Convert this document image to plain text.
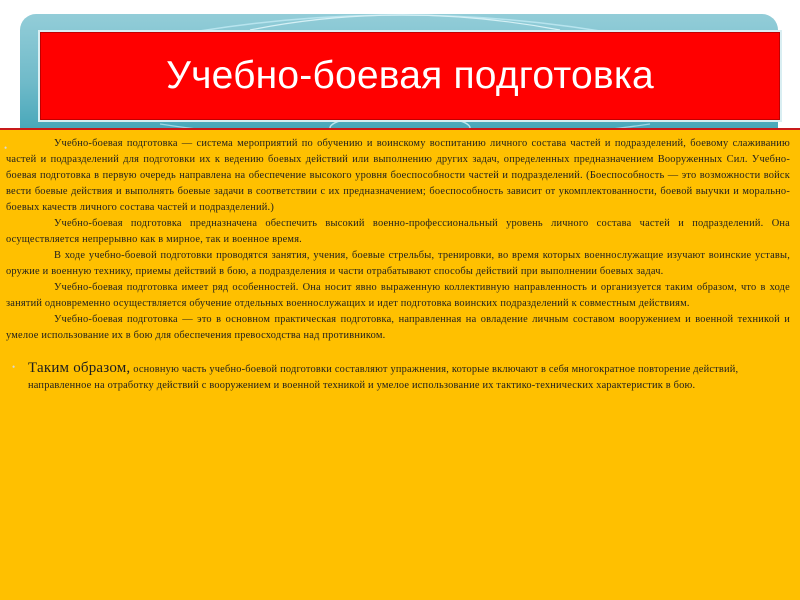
Учебно-боевая подготовка
•	Учебно-боевая подготовка — система мероприятий по обучению и воинскому воспитанию личного состава частей и подразделений, боевому слаживанию частей и подразделений для подготовки их к ведению боевых действий или выполнению других задач, определенных предназначением Вооруженных Сил. Учебно-боевая подготовка в первую очередь направлена на обеспечение высокого уровня боеспособности частей и подразделений. (Боеспособность — это возможности войск вести боевые действия и выполнять боевые задачи в соответствии с их предназначением; боеспособность зависит от укомплектованности, боевой выучки и морально-боевых качеств личного состава частей и подразделений.)

Учебно-боевая подготовка предназначена обеспечить высокий военно-профессиональный уровень личного состава частей и подразделений. Она осуществляется непрерывно как в мирное, так и военное время.

В ходе учебно-боевой подготовки проводятся занятия, учения, боевые стрельбы, тренировки, во время которых военнослужащие изучают воинские уставы, оружие и военную технику, приемы действий в бою, а подразделения и части отрабатывают способы действий при выполнении боевых задач.

Учебно-боевая подготовка имеет ряд особенностей. Она носит явно выраженную коллективную направленность и организуется таким образом, что в ходе занятий одновременно осуществляется обучение отдельных военнослужащих и идет подготовка воинских подразделений к совместным действиям.

Учебно-боевая подготовка — это в основном практическая подготовка, направленная на овладение личным составом вооружением и военной техникой и умелое использование их в бою для обеспечения превосходства над противником.

• Таким образом, основную часть учебно-боевой подготовки составляют упражнения, которые включают в себя многократное повторение действий, направленное на отработку действий с вооружением и военной техникой и умелое использование их тактико-технических характеристик в бою.
